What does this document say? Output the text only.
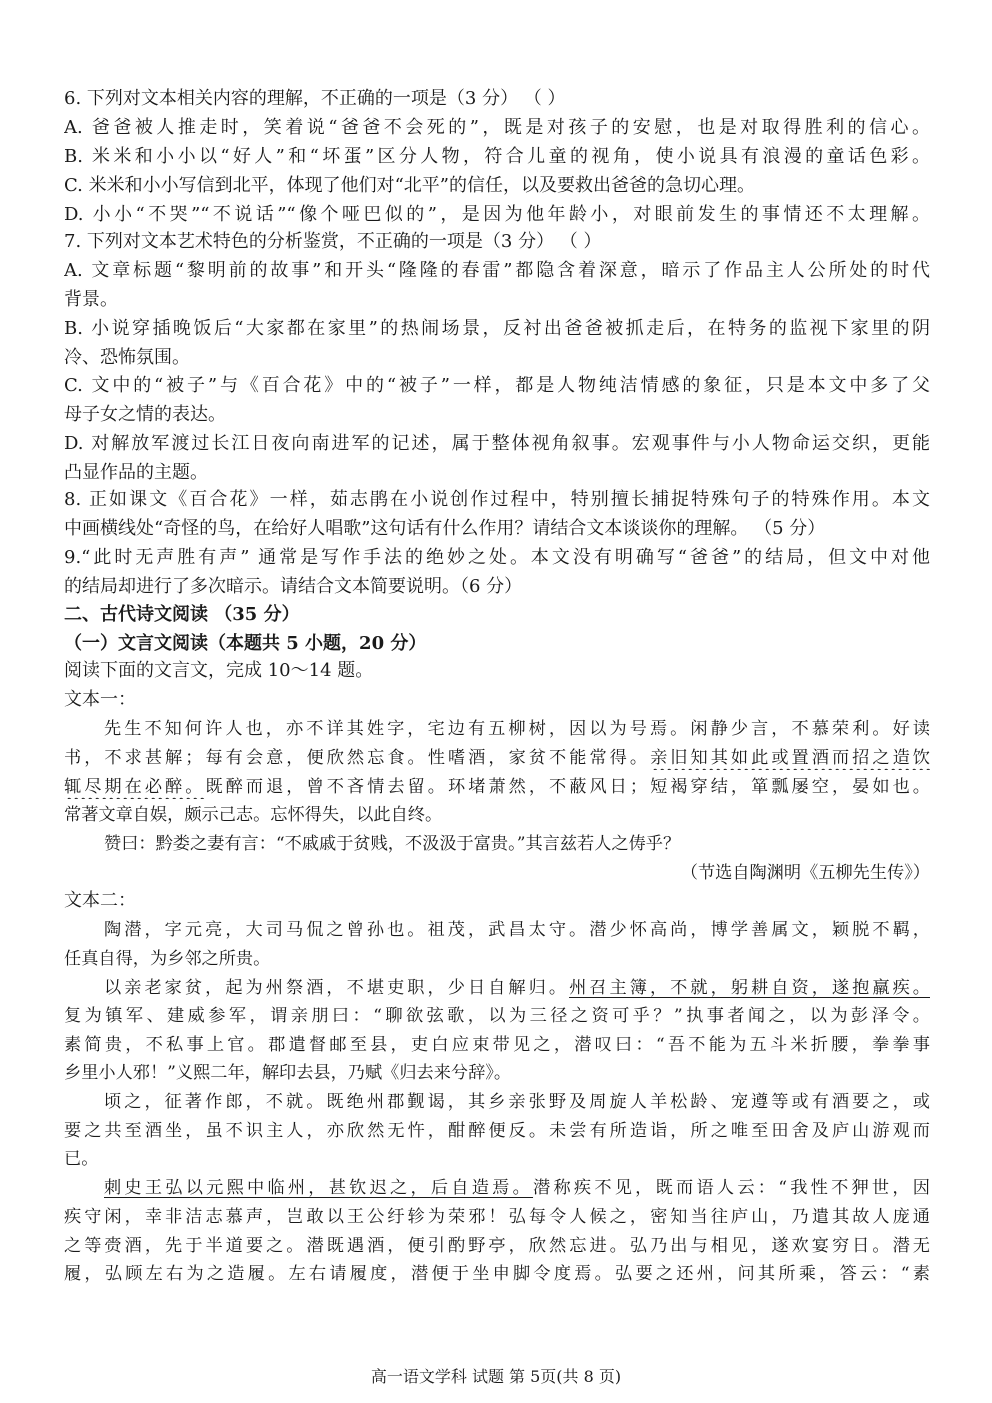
6. 下列对文本相关内容的理解，不正确的一项是（3 分） （ ）
A. 爸爸被人推走时，笑着说“爸爸不会死的”，既是对孩子的安慰，也是对取得胜利的信心。
B. 米米和小小以“好人”和“坏蛋”区分人物，符合儿童的视角，使小说具有浪漫的童话色彩。
C. 米米和小小写信到北平，体现了他们对“北平”的信任，以及要救出爸爸的急切心理。
D. 小小“不哭”“不说话”“像个哑巴似的”，是因为他年龄小，对眼前发生的事情还不太理解。
7. 下列对文本艺术特色的分析鉴赏，不正确的一项是（3 分） （ ）
A. 文章标题“黎明前的故事”和开头“隆隆的春雷”都隐含着深意，暗示了作品主人公所处的时代
背景。
B. 小说穿插晚饭后“大家都在家里”的热闹场景，反衬出爸爸被抓走后，在特务的监视下家里的阴
冷、恐怖氛围。
C. 文中的“被子”与《百合花》中的“被子”一样，都是人物纯洁情感的象征，只是本文中多了父
母子女之情的表达。
D. 对解放军渡过长江日夜向南进军的记述，属于整体视角叙事。宏观事件与小人物命运交织，更能
凸显作品的主题。
8. 正如课文《百合花》一样，茹志鹃在小说创作过程中，特别擅长捕捉特殊句子的特殊作用。本文
中画横线处“奇怪的鸟，在给好人唱歌”这句话有什么作用？请结合文本谈谈你的理解。 （5 分）
9.“此时无声胜有声” 通常是写作手法的绝妙之处。本文没有明确写“爸爸”的结局，但文中对他
的结局却进行了多次暗示。请结合文本简要说明。（6 分）
二、古代诗文阅读 （35 分）
（一）文言文阅读（本题共 5 小题，20 分）
阅读下面的文言文，完成 10～14 题。
文本一：
先生不知何许人也，亦不详其姓字，宅边有五柳树，因以为号焉。闲静少言，不慕荣利。好读
书，不求甚解；每有会意，便欣然忘食。性嗜酒，家贫不能常得。亲旧知其如此或置酒而招之造饮
辄尽期在必醉。既醉而退，曾不吝情去留。环堵萧然，不蔽风日；短褐穿结，箪瓢屡空，晏如也。
常著文章自娱，颇示己志。忘怀得失，以此自终。
赞曰：黔娄之妻有言：“不戚戚于贫贱，不汲汲于富贵。”其言兹若人之俦乎？
（节选自陶渊明《五柳先生传》）
文本二：
陶潜，字元亮，大司马侃之曾孙也。祖茂，武昌太守。潜少怀高尚，博学善属文，颖脱不羁，
任真自得，为乡邻之所贵。
以亲老家贫，起为州祭酒，不堪吏职，少日自解归。州召主簿，不就，躬耕自资，遂抱羸疾。
复为镇军、建威参军，谓亲朋曰：“聊欲弦歌，以为三径之资可乎？”执事者闻之，以为彭泽令。
素简贵，不私事上官。郡遣督邮至县，吏白应束带见之，潜叹曰：“吾不能为五斗米折腰，拳拳事
乡里小人邪！”义熙二年，解印去县，乃赋《归去来兮辞》。
顷之，征著作郎，不就。既绝州郡觐谒，其乡亲张野及周旋人羊松龄、宠遵等或有酒要之，或
要之共至酒坐，虽不识主人，亦欣然无忤，酣醉便反。未尝有所造诣，所之唯至田舍及庐山游观而
已。
刺史王弘以元熙中临州，甚钦迟之，后自造焉。潜称疾不见，既而语人云：“我性不狎世，因
疾守闲，幸非洁志慕声，岂敢以王公纡轸为荣邪！弘每令人候之，密知当往庐山，乃遣其故人庞通
之等赍酒，先于半道要之。潜既遇酒，便引酌野亭，欣然忘进。弘乃出与相见，遂欢宴穷日。潜无
履，弘顾左右为之造履。左右请履度，潜便于坐申脚令度焉。弘要之还州，问其所乘，答云：“素
高一语文学科 试题 第 5页(共 8 页)
